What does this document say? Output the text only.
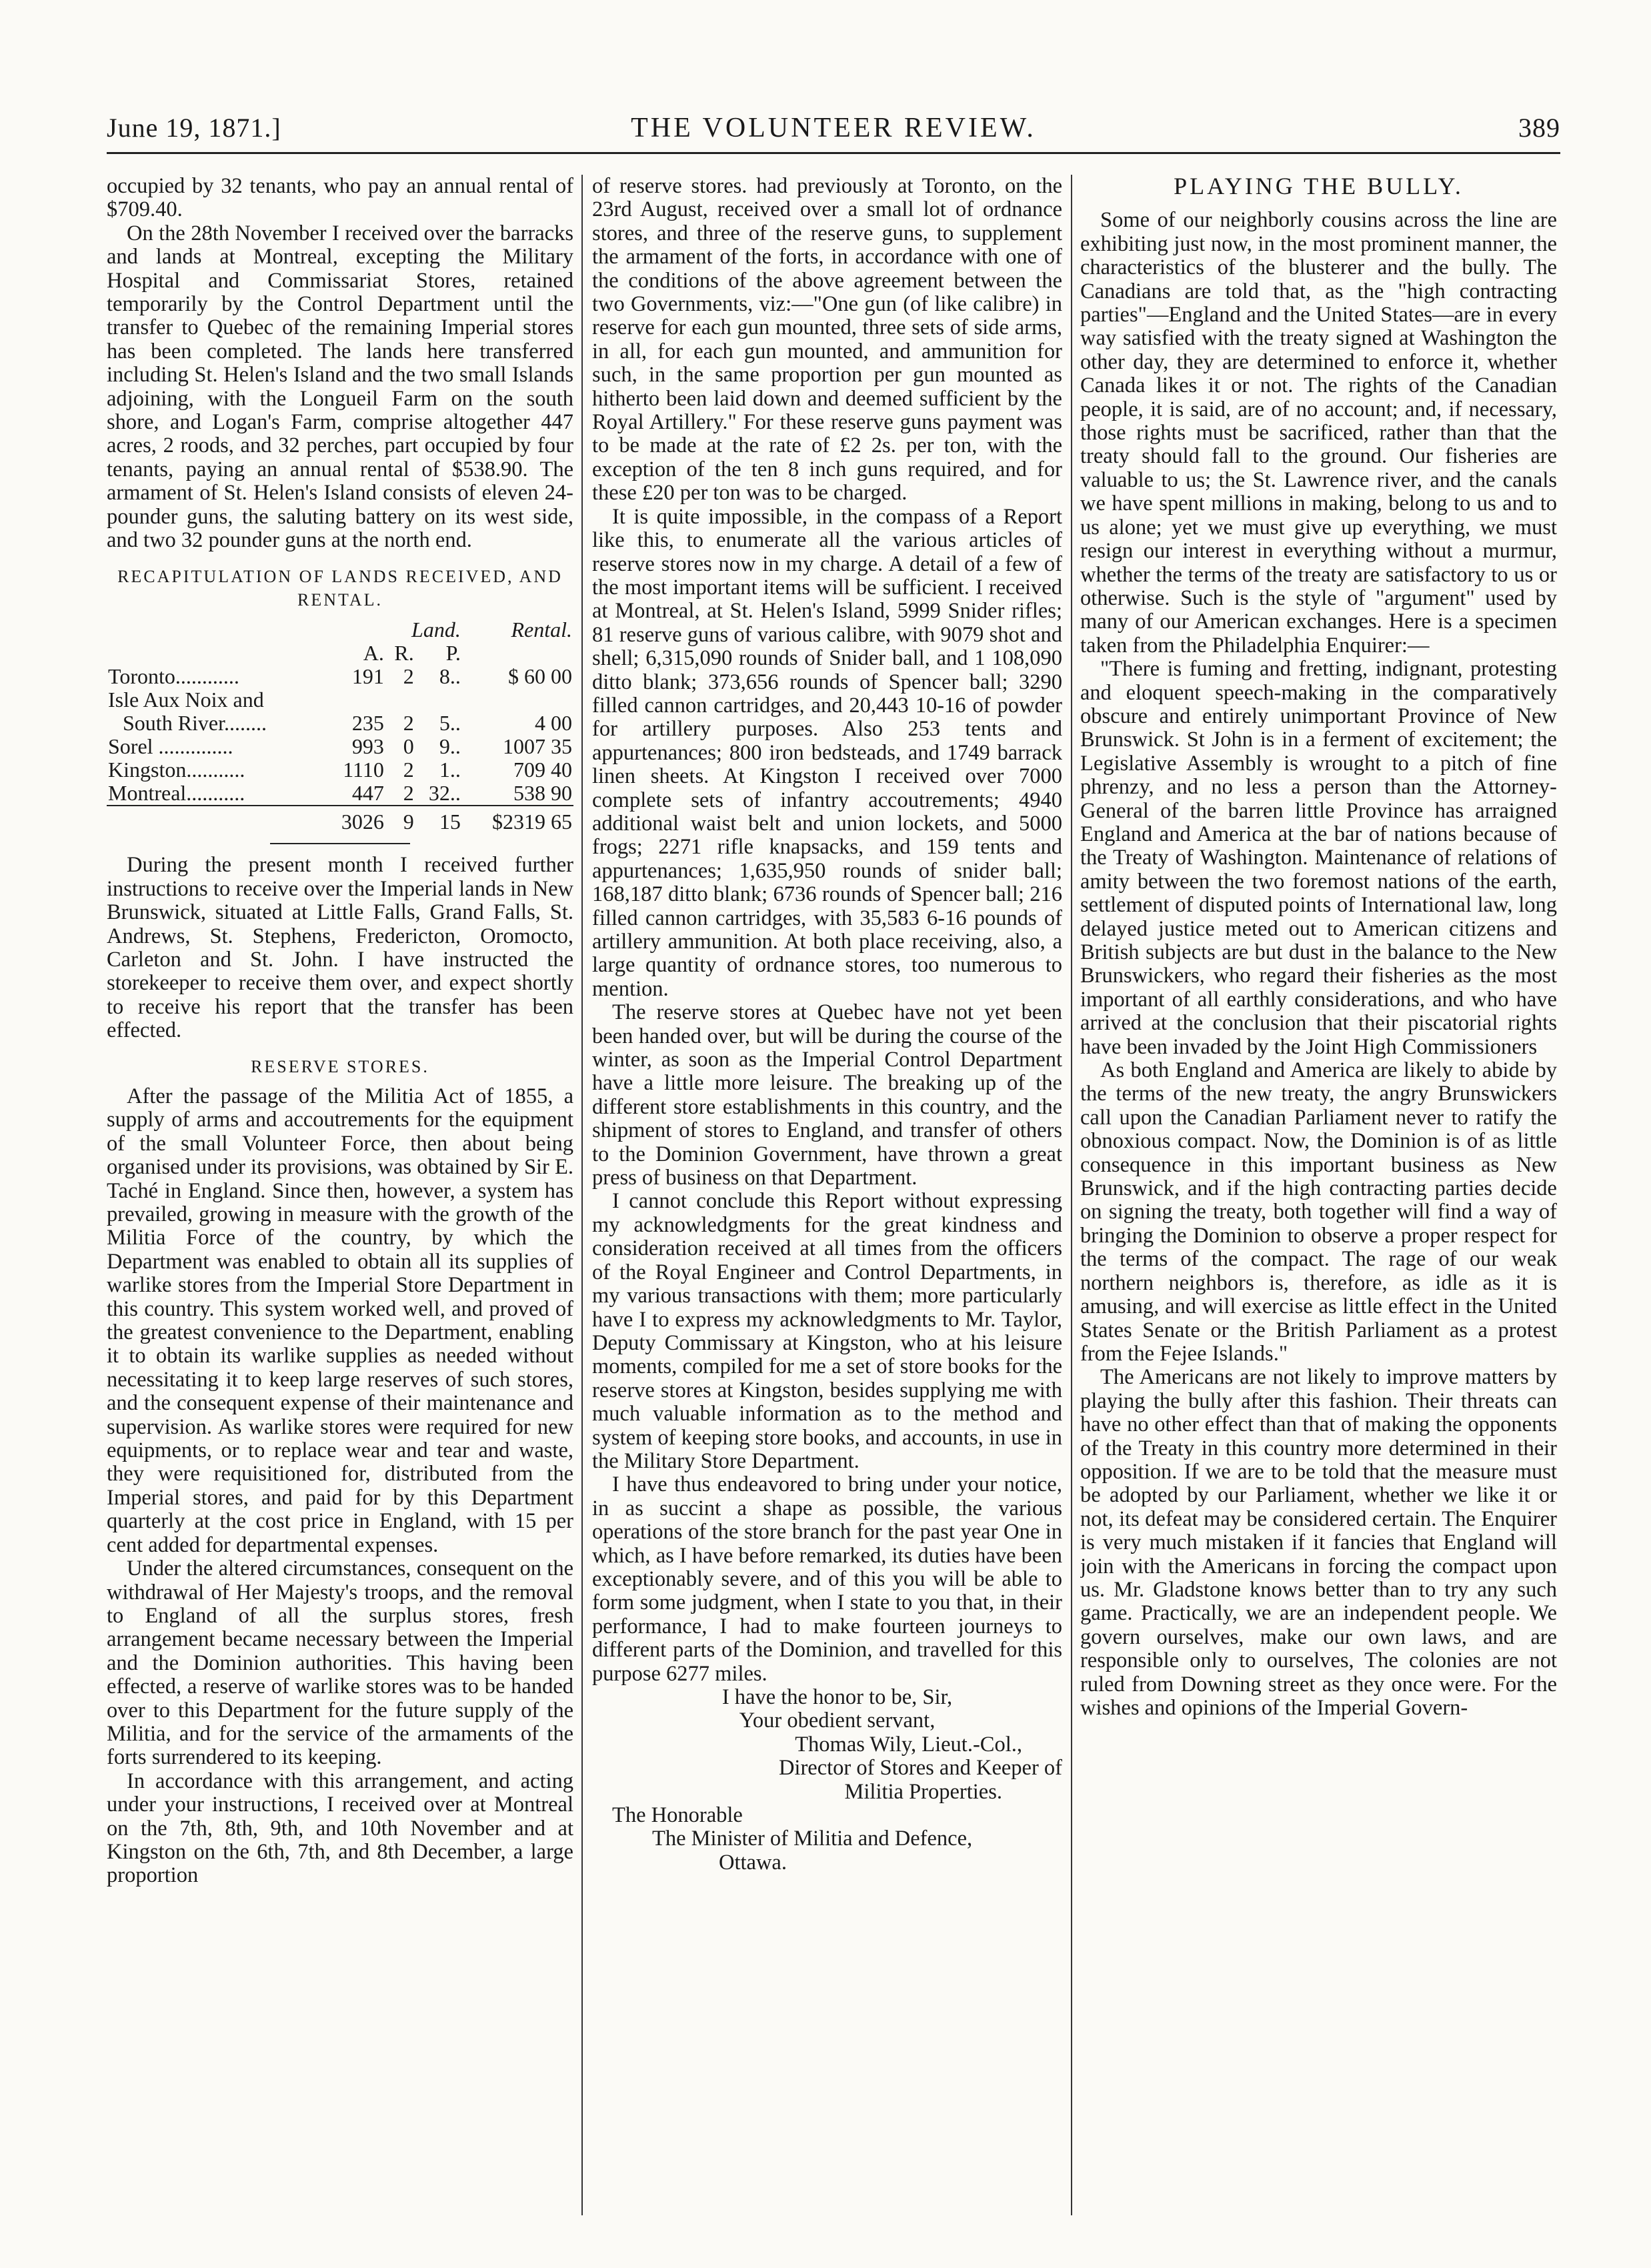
June 19, 1871.]	THE VOLUNTEER REVIEW.	389

occupied by 32 tenants, who pay an annual rental of $709.40.

On the 28th November I received over the barracks and lands at Montreal, excepting the Military Hospital and Commissariat Stores, retained temporarily by the Control Department until the transfer to Quebec of the remaining Imperial stores has been completed. The lands here transferred including St. Helen's Island and the two small Islands adjoining, with the Longueil Farm on the south shore, and Logan's Farm, comprise altogether 447 acres, 2 roods, and 32 perches, part occupied by four tenants, paying an annual rental of $538.90. The armament of St. Helen's Island consists of eleven 24-pounder guns, the saluting battery on its west side, and two 32 pounder guns at the north end.

RECAPITULATION OF LANDS RECEIVED, AND RENTAL.
	Land.			Rental.
	A.	R.	P.	
Toronto............	191	2	8..	$ 60 00
Isle Aux Noix and				
South River........	235	2	5..	4 00
Sorel ..............	993	0	9..	1007 35
Kingston...........	1110	2	1..	709 40
Montreal...........	447	2	32..	538 90
	3026	9	15	$2319 65

During the present month I received further instructions to receive over the Imperial lands in New Brunswick, situated at Little Falls, Grand Falls, St. Andrews, St. Stephens, Fredericton, Oromocto, Carleton and St. John. I have instructed the storekeeper to receive them over, and expect shortly to receive his report that the transfer has been effected.

RESERVE STORES.

After the passage of the Militia Act of 1855, a supply of arms and accoutrements for the equipment of the small Volunteer Force, then about being organised under its provisions, was obtained by Sir E. Taché in England. Since then, however, a system has prevailed, growing in measure with the growth of the Militia Force of the country, by which the Department was enabled to obtain all its supplies of warlike stores from the Imperial Store Department in this country. This system worked well, and proved of the greatest convenience to the Department, enabling it to obtain its warlike supplies as needed without necessitating it to keep large reserves of such stores, and the consequent expense of their maintenance and supervision. As warlike stores were required for new equipments, or to replace wear and tear and waste, they were requisitioned for, distributed from the Imperial stores, and paid for by this Department quarterly at the cost price in England, with 15 per cent added for departmental expenses.

Under the altered circumstances, consequent on the withdrawal of Her Majesty's troops, and the removal to England of all the surplus stores, fresh arrangement became necessary between the Imperial and the Dominion authorities. This having been effected, a reserve of warlike stores was to be handed over to this Department for the future supply of the Militia, and for the service of the armaments of the forts surrendered to its keeping.

In accordance with this arrangement, and acting under your instructions, I received over at Montreal on the 7th, 8th, 9th, and 10th November and at Kingston on the 6th, 7th, and 8th December, a large proportion

of reserve stores. had previously at Toronto, on the 23rd August, received over a small lot of ordnance stores, and three of the reserve guns, to supplement the armament of the forts, in accordance with one of the conditions of the above agreement between the two Governments, viz:—"One gun (of like calibre) in reserve for each gun mounted, three sets of side arms, in all, for each gun mounted, and ammunition for such, in the same proportion per gun mounted as hitherto been laid down and deemed sufficient by the Royal Artillery." For these reserve guns payment was to be made at the rate of £2 2s. per ton, with the exception of the ten 8 inch guns required, and for these £20 per ton was to be charged.

It is quite impossible, in the compass of a Report like this, to enumerate all the various articles of reserve stores now in my charge. A detail of a few of the most important items will be sufficient. I received at Montreal, at St. Helen's Island, 5999 Snider rifles; 81 reserve guns of various calibre, with 9079 shot and shell; 6,315,090 rounds of Snider ball, and 1 108,090 ditto blank; 373,656 rounds of Spencer ball; 3290 filled cannon cartridges, and 20,443 10-16 of powder for artillery purposes. Also 253 tents and appurtenances; 800 iron bedsteads, and 1749 barrack linen sheets. At Kingston I received over 7000 complete sets of infantry accoutrements; 4940 additional waist belt and union lockets, and 5000 frogs; 2271 rifle knapsacks, and 159 tents and appurtenances; 1,635,950 rounds of snider ball; 168,187 ditto blank; 6736 rounds of Spencer ball; 216 filled cannon cartridges, with 35,583 6-16 pounds of artillery ammunition. At both place receiving, also, a large quantity of ordnance stores, too numerous to mention.

The reserve stores at Quebec have not yet been been handed over, but will be during the course of the winter, as soon as the Imperial Control Department have a little more leisure. The breaking up of the different store establishments in this country, and the shipment of stores to England, and transfer of others to the Dominion Government, have thrown a great press of business on that Department.

I cannot conclude this Report without expressing my acknowledgments for the great kindness and consideration received at all times from the officers of the Royal Engineer and Control Departments, in my various transactions with them; more particularly have I to express my acknowledgments to Mr. Taylor, Deputy Commissary at Kingston, who at his leisure moments, compiled for me a set of store books for the reserve stores at Kingston, besides supplying me with much valuable information as to the method and system of keeping store books, and accounts, in use in the Military Store Department.

I have thus endeavored to bring under your notice, in as succint a shape as possible, the various operations of the store branch for the past year One in which, as I have before remarked, its duties have been exceptionably severe, and of this you will be able to form some judgment, when I state to you that, in their performance, I had to make fourteen journeys to different parts of the Dominion, and travelled for this purpose 6277 miles.

I have the honor to be, Sir,

Your obedient servant,

Thomas Wily, Lieut.-Col.,

Director of Stores and Keeper of

Militia Properties.

The Honorable

The Minister of Militia and Defence,

Ottawa.

PLAYING THE BULLY.

Some of our neighborly cousins across the line are exhibiting just now, in the most prominent manner, the characteristics of the blusterer and the bully. The Canadians are told that, as the "high contracting parties"—England and the United States—are in every way satisfied with the treaty signed at Washington the other day, they are determined to enforce it, whether Canada likes it or not. The rights of the Canadian people, it is said, are of no account; and, if necessary, those rights must be sacrificed, rather than that the treaty should fall to the ground. Our fisheries are valuable to us; the St. Lawrence river, and the canals we have spent millions in making, belong to us and to us alone; yet we must give up everything, we must resign our interest in everything without a murmur, whether the terms of the treaty are satisfactory to us or otherwise. Such is the style of "argument" used by many of our American exchanges. Here is a specimen taken from the Philadelphia Enquirer:—

"There is fuming and fretting, indignant, protesting and eloquent speech-making in the comparatively obscure and entirely unimportant Province of New Brunswick. St John is in a ferment of excitement; the Legislative Assembly is wrought to a pitch of fine phrenzy, and no less a person than the Attorney-General of the barren little Province has arraigned England and America at the bar of nations because of the Treaty of Washington. Maintenance of relations of amity between the two foremost nations of the earth, settlement of disputed points of International law, long delayed justice meted out to American citizens and British subjects are but dust in the balance to the New Brunswickers, who regard their fisheries as the most important of all earthly considerations, and who have arrived at the conclusion that their piscatorial rights have been invaded by the Joint High Commissioners

As both England and America are likely to abide by the terms of the new treaty, the angry Brunswickers call upon the Canadian Parliament never to ratify the obnoxious compact. Now, the Dominion is of as little consequence in this important business as New Brunswick, and if the high contracting parties decide on signing the treaty, both together will find a way of bringing the Dominion to observe a proper respect for the terms of the compact. The rage of our weak northern neighbors is, therefore, as idle as it is amusing, and will exercise as little effect in the United States Senate or the British Parliament as a protest from the Fejee Islands."

The Americans are not likely to improve matters by playing the bully after this fashion. Their threats can have no other effect than that of making the opponents of the Treaty in this country more determined in their opposition. If we are to be told that the measure must be adopted by our Parliament, whether we like it or not, its defeat may be considered certain. The Enquirer is very much mistaken if it fancies that England will join with the Americans in forcing the compact upon us. Mr. Gladstone knows better than to try any such game. Practically, we are an independent people. We govern ourselves, make our own laws, and are responsible only to ourselves, The colonies are not ruled from Downing street as they once were. For the wishes and opinions of the Imperial Govern-
